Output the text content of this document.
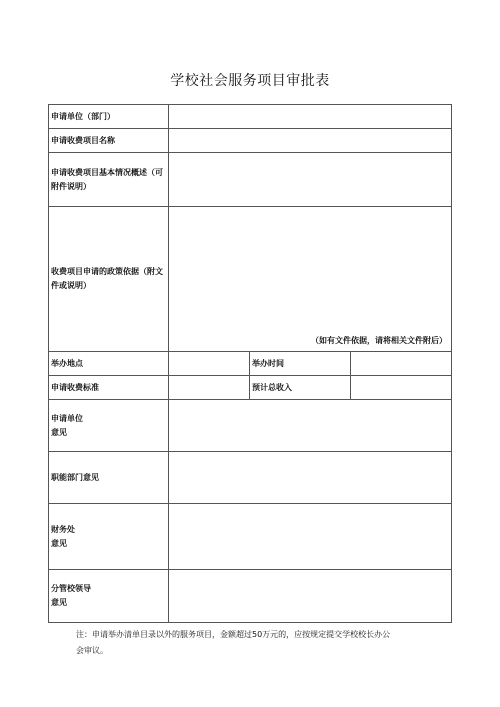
学校社会服务项目审批表
申请单位（部门）			
申请收费项目名称			

申请收费项目基本情况概述（可
附件说明）			

收费项目申请的政策依据（附文
件或说明）	（如有文件依据，请将相关文件附后）		

举办地点		举办时间	
申请收费标准		预计总收入	

申请单位
意见			

职能部门意见			

财务处
意见			

分管校领导
意见			

注：申请举办清单目录以外的服务项目，金额超过50万元的，应按规定提交学校校长办公
会审议。
